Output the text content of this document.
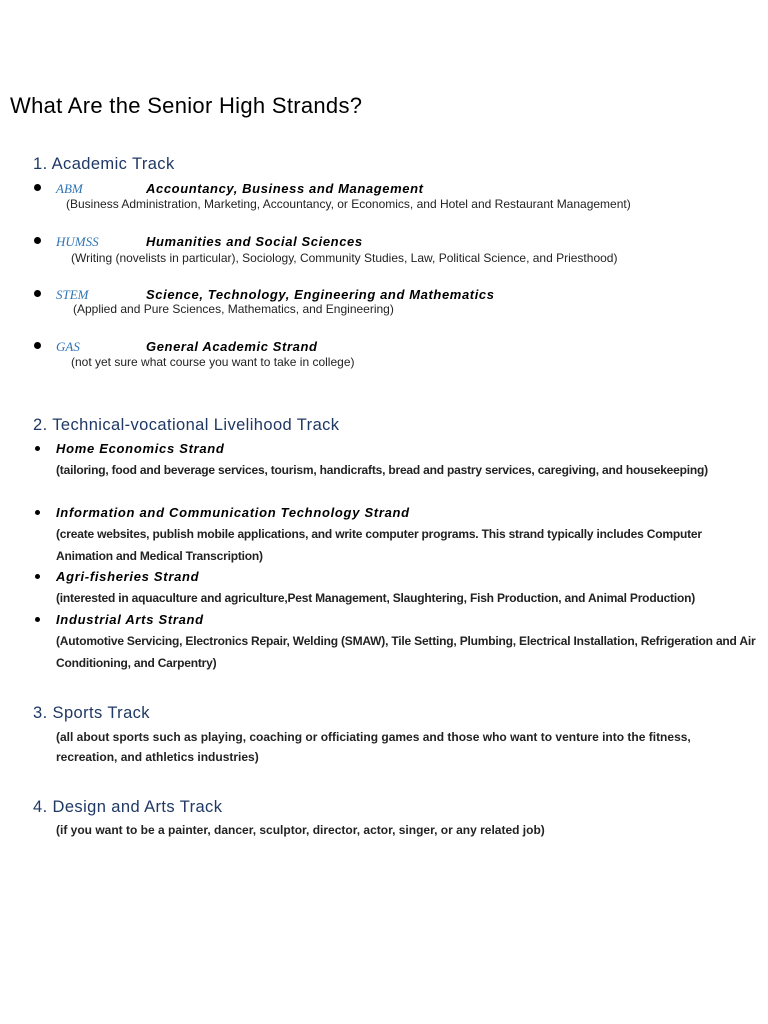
What Are the Senior High Strands?
1. Academic Track
ABM	Accountancy, Business and Management
(Business Administration, Marketing, Accountancy, or Economics, and Hotel and Restaurant Management)
HUMSS	Humanities and Social Sciences
(Writing (novelists in particular), Sociology, Community Studies, Law, Political Science, and Priesthood)
STEM	Science, Technology, Engineering and Mathematics
(Applied and Pure Sciences, Mathematics, and Engineering)
GAS	General Academic Strand
(not yet sure what course you want to take in college)
2. Technical-vocational Livelihood Track
Home Economics Strand
(tailoring, food and beverage services, tourism, handicrafts, bread and pastry services, caregiving, and housekeeping)
Information and Communication Technology Strand
(create websites, publish mobile applications, and write computer programs. This strand typically includes Computer Animation and Medical Transcription)
Agri-fisheries Strand
(interested in aquaculture and agriculture,Pest Management, Slaughtering, Fish Production, and Animal Production)
Industrial Arts Strand
(Automotive Servicing, Electronics Repair, Welding (SMAW), Tile Setting, Plumbing, Electrical Installation, Refrigeration and Air Conditioning, and Carpentry)
3. Sports Track
(all about sports such as playing, coaching or officiating games and those who want to venture into the fitness, recreation, and athletics industries)
4. Design and Arts Track
(if you want to be a painter, dancer, sculptor, director, actor, singer, or any related job)
